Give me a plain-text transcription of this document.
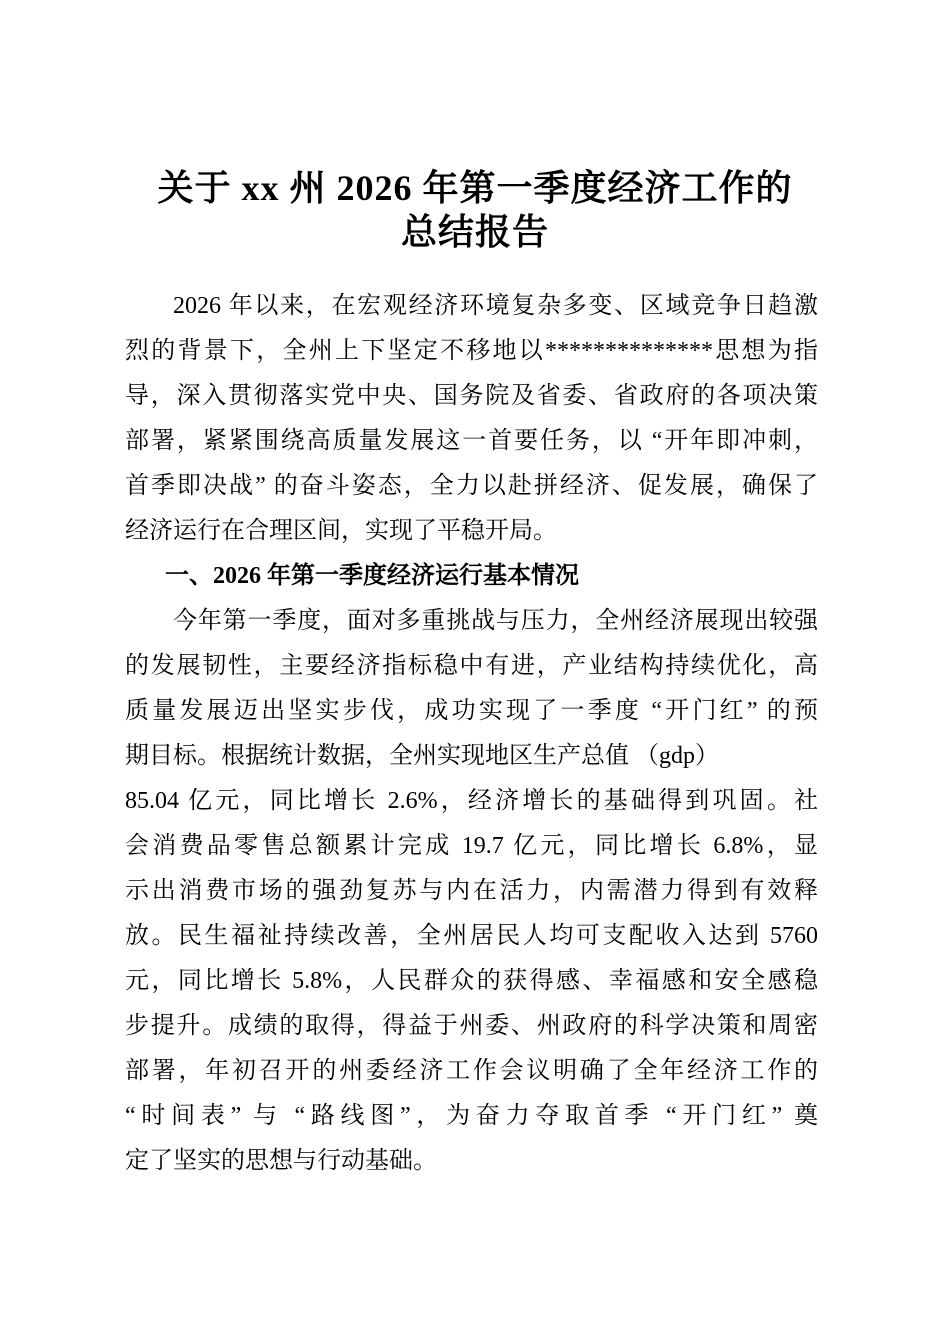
关于 xx 州 2026 年第一季度经济工作的
总结报告
2026 年以来，在宏观经济环境复杂多变、区域竞争日趋激
烈的背景下，全州上下坚定不移地以**************思想为指
导，深入贯彻落实党中央、国务院及省委、省政府的各项决策
部署，紧紧围绕高质量发展这一首要任务，以 “开年即冲刺，
首季即决战” 的奋斗姿态，全力以赴拼经济、促发展，确保了
经济运行在合理区间，实现了平稳开局。
一、2026 年第一季度经济运行基本情况
今年第一季度，面对多重挑战与压力，全州经济展现出较强
的发展韧性，主要经济指标稳中有进，产业结构持续优化，高
质量发展迈出坚实步伐，成功实现了一季度 “开门红” 的预
期目标。根据统计数据，全州实现地区生产总值 （gdp）
85.04 亿元，同比增长 2.6%，经济增长的基础得到巩固。社
会消费品零售总额累计完成 19.7 亿元，同比增长 6.8%，显
示出消费市场的强劲复苏与内在活力，内需潜力得到有效释
放。民生福祉持续改善，全州居民人均可支配收入达到 5760
元，同比增长 5.8%，人民群众的获得感、幸福感和安全感稳
步提升。成绩的取得，得益于州委、州政府的科学决策和周密
部署，年初召开的州委经济工作会议明确了全年经济工作的
“时间表” 与 “路线图”，为奋力夺取首季 “开门红” 奠
定了坚实的思想与行动基础。
